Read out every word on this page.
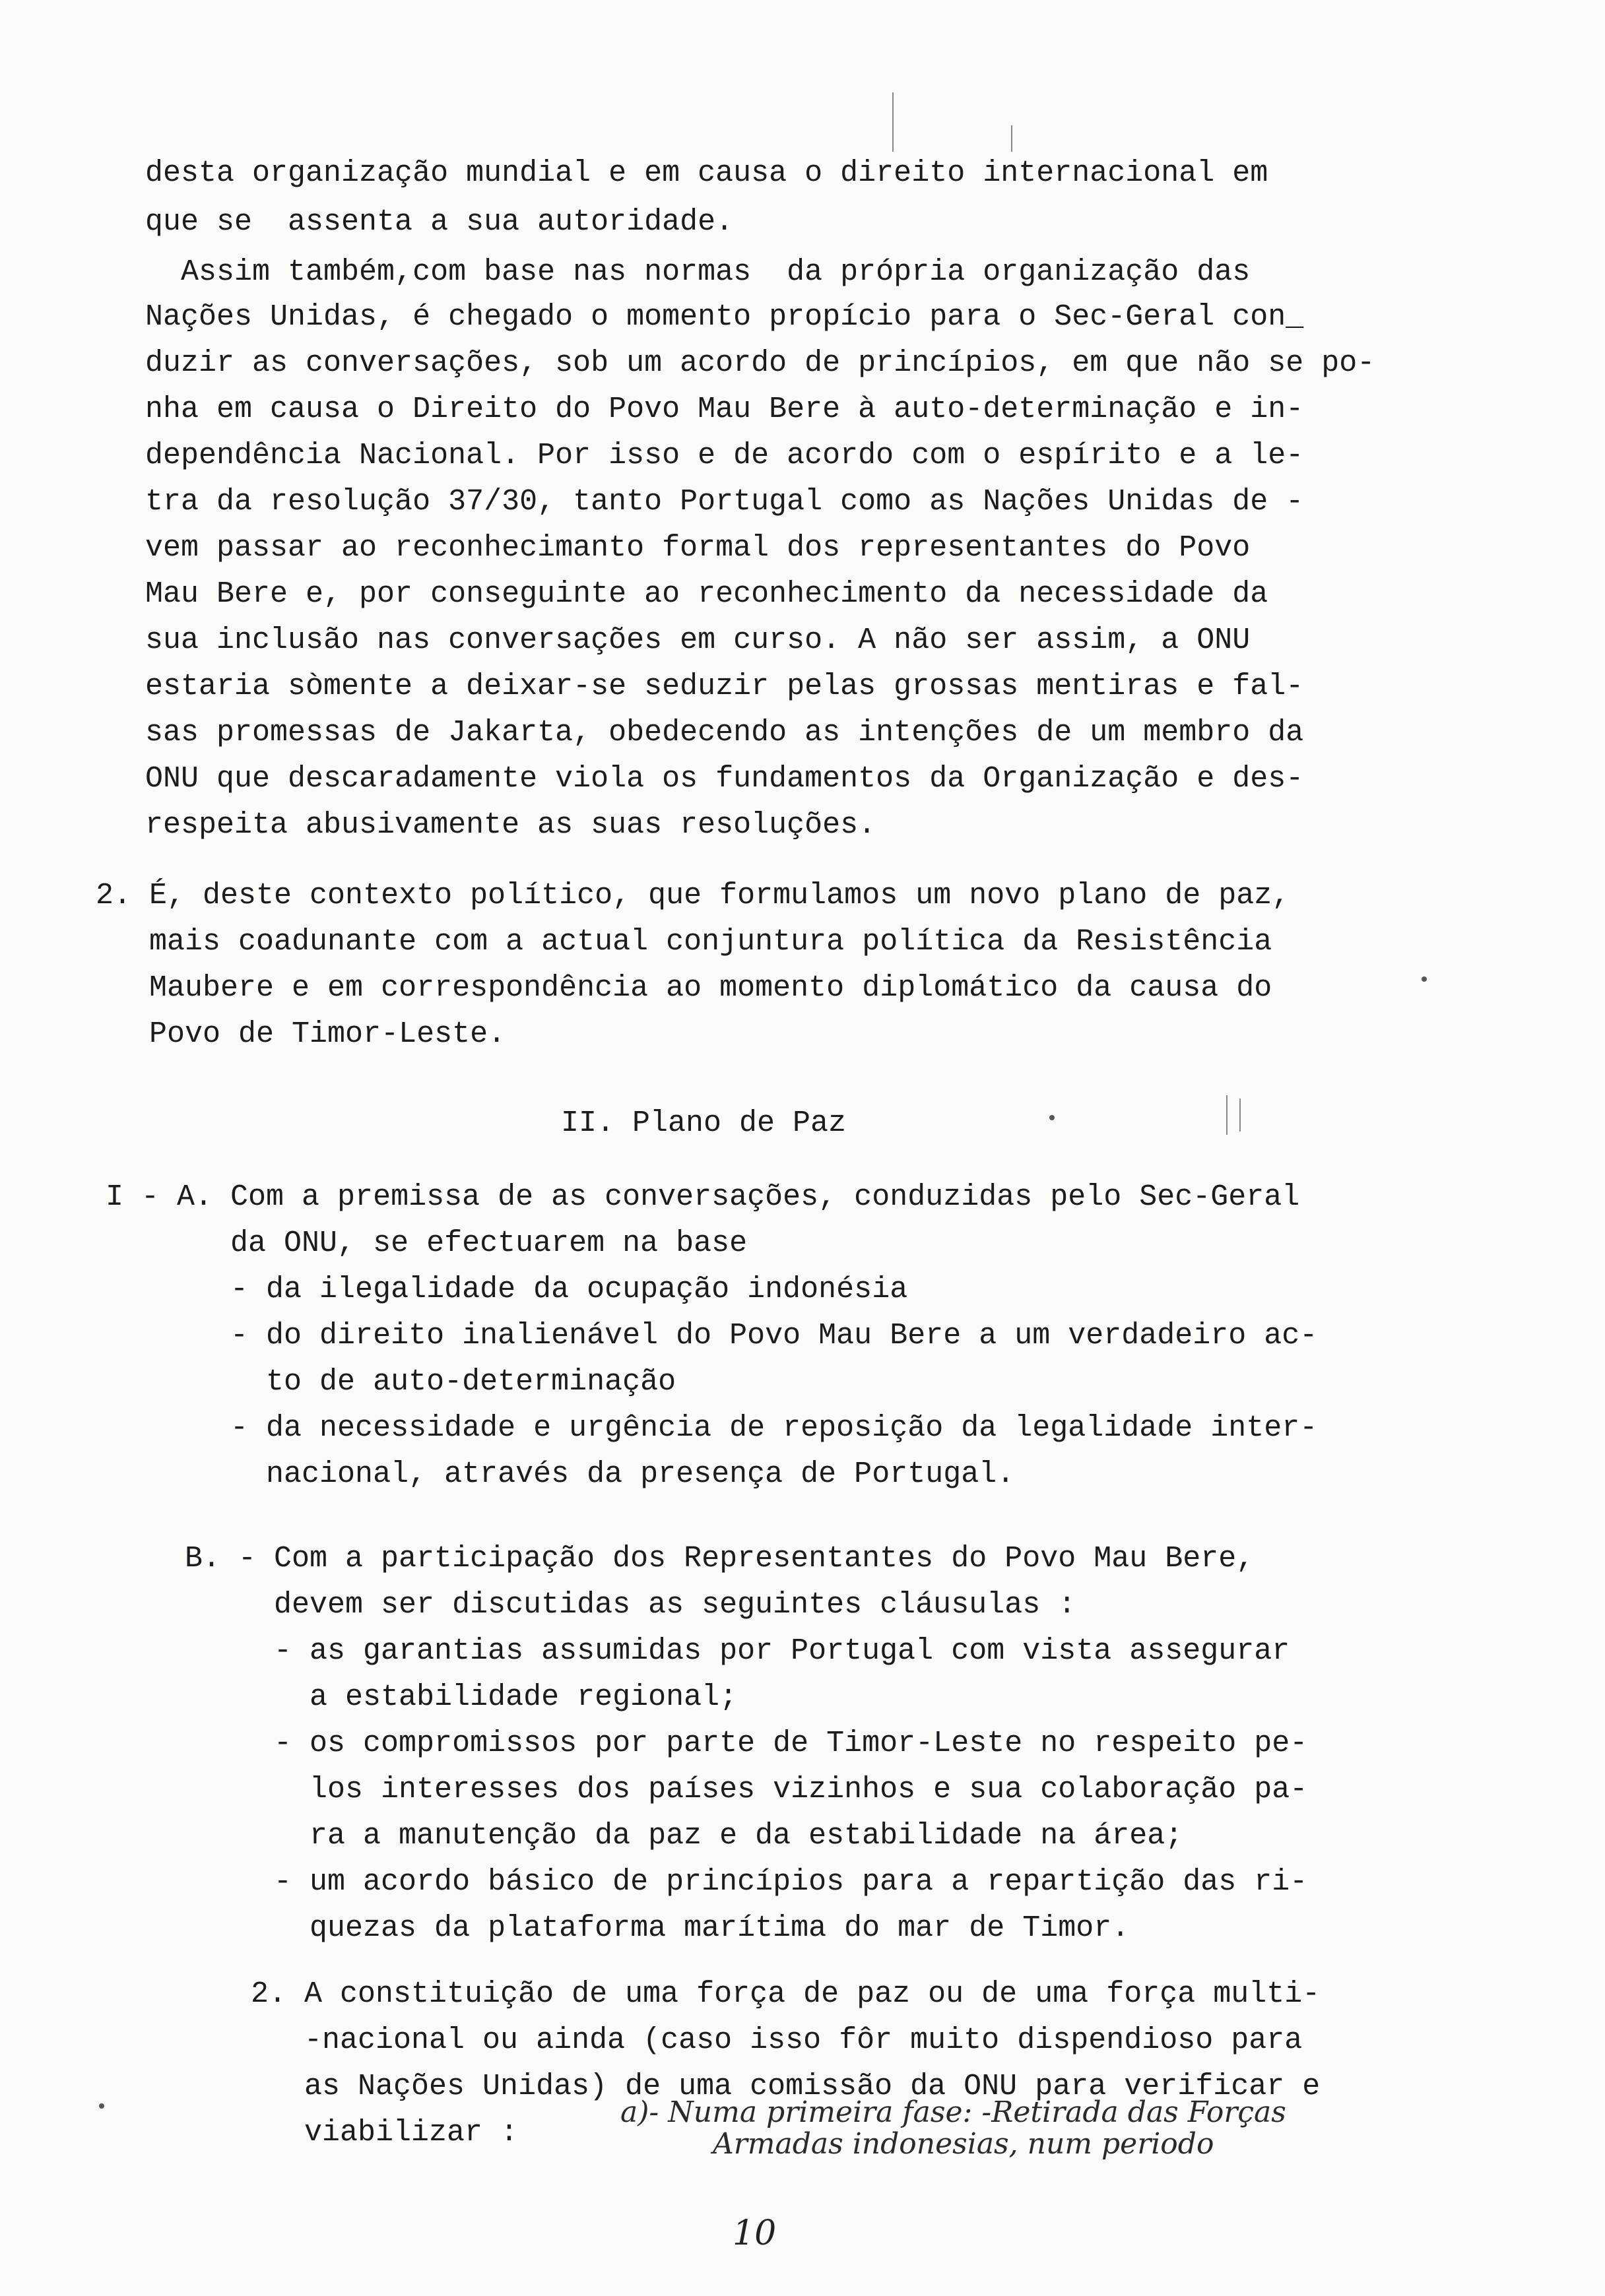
desta organização mundial e em causa o direito internacional em
que se  assenta a sua autoridade.
Assim também,com base nas normas  da própria organização das
Nações Unidas, é chegado o momento propício para o Sec-Geral con_
duzir as conversações, sob um acordo de princípios, em que não se po-
nha em causa o Direito do Povo Mau Bere à auto-determinação e in-
dependência Nacional. Por isso e de acordo com o espírito e a le-
tra da resolução 37/30, tanto Portugal como as Nações Unidas de -
vem passar ao reconhecimanto formal dos representantes do Povo
Mau Bere e, por conseguinte ao reconhecimento da necessidade da
sua inclusão nas conversações em curso. A não ser assim, a ONU
estaria sòmente a deixar-se seduzir pelas grossas mentiras e fal-
sas promessas de Jakarta, obedecendo as intenções de um membro da
ONU que descaradamente viola os fundamentos da Organização e des-
respeita abusivamente as suas resoluções.
2. É, deste contexto político, que formulamos um novo plano de paz,
mais coadunante com a actual conjuntura política da Resistência
Maubere e em correspondência ao momento diplomático da causa do
Povo de Timor-Leste.
II. Plano de Paz
I - A. Com a premissa de as conversações, conduzidas pelo Sec-Geral
da ONU, se efectuarem na base
- da ilegalidade da ocupação indonésia
- do direito inalienável do Povo Mau Bere a um verdadeiro ac-
to de auto-determinação
- da necessidade e urgência de reposição da legalidade inter-
nacional, através da presença de Portugal.
B. - Com a participação dos Representantes do Povo Mau Bere,
devem ser discutidas as seguintes cláusulas :
- as garantias assumidas por Portugal com vista assegurar
a estabilidade regional;
- os compromissos por parte de Timor-Leste no respeito pe-
los interesses dos países vizinhos e sua colaboração pa-
ra a manutenção da paz e da estabilidade na área;
- um acordo básico de princípios para a repartição das ri-
quezas da plataforma marítima do mar de Timor.
2. A constituição de uma força de paz ou de uma força multi-
-nacional ou ainda (caso isso fôr muito dispendioso para
as Nações Unidas) de uma comissão da ONU para verificar e
viabilizar :
a)- Numa primeira fase: -Retirada das Forças
Armadas indonesias, num periodo
10
